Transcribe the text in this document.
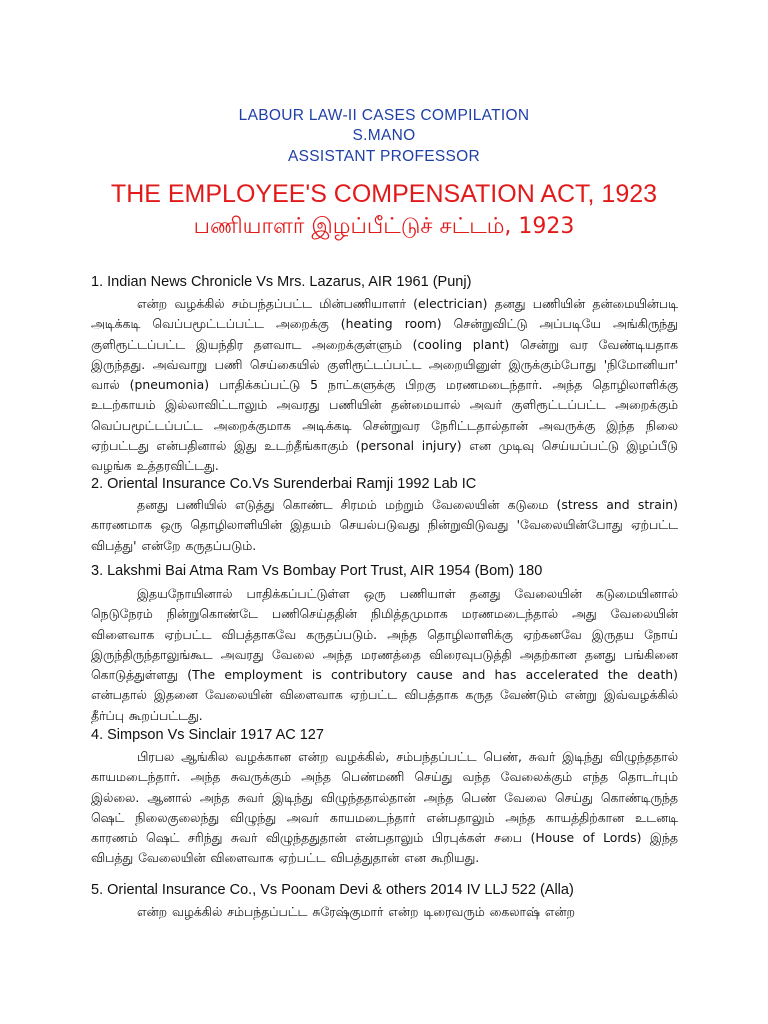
LABOUR LAW-II CASES COMPILATION
S.MANO
ASSISTANT PROFESSOR
THE EMPLOYEE'S COMPENSATION ACT, 1923
பணியாளர் இழப்பீட்டுச் சட்டம், 1923
1. Indian News Chronicle Vs Mrs. Lazarus, AIR 1961 (Punj)
என்ற வழக்கில் சம்பந்தப்பட்ட மின்பணியாளர் (electrician) தனது பணியின் தன்மையின்படி அடிக்கடி வெப்பமூட்டப்பட்ட அறைக்கு (heating room) சென்றுவிட்டு அப்படியே அங்கிருந்து குளிரூட்டப்பட்ட இயந்திர தளவாட அறைக்குள்ளும் (cooling plant) சென்று வர வேண்டியதாக இருந்தது. அவ்வாறு பணி செய்கையில் குளிரூட்டப்பட்ட அறையினுள் இருக்கும்போது 'நிமோனியா' வால் (pneumonia) பாதிக்கப்பட்டு 5 நாட்களுக்கு பிறகு மரணமடைந்தார். அந்த தொழிலாளிக்கு உடற்காயம் இல்லாவிட்டாலும் அவரது பணியின் தன்மையால் அவர் குளிரூட்டப்பட்ட அறைக்கும் வெப்பமூட்டப்பட்ட அறைக்குமாக அடிக்கடி சென்றுவர நேரிட்டதால்தான் அவருக்கு இந்த நிலை ஏற்பட்டது என்பதினால் இது உடற்தீங்காகும் (personal injury) என முடிவு செய்யப்பட்டு இழப்பீடு வழங்க உத்தரவிட்டது.
2. Oriental Insurance Co.Vs Surenderbai Ramji 1992 Lab IC
தனது பணியில் எடுத்து கொண்ட சிரமம் மற்றும் வேலையின் கடுமை (stress and strain) காரணமாக ஒரு தொழிலாளியின் இதயம் செயல்படுவது நின்றுவிடுவது 'வேலையின்போது ஏற்பட்ட விபத்து' என்றே கருதப்படும்.
3. Lakshmi Bai Atma Ram Vs Bombay Port Trust, AIR 1954 (Bom) 180
இதயநோயினால் பாதிக்கப்பட்டுள்ள ஒரு பணியாள் தனது வேலையின் கடுமையினால் நெடுநேரம் நின்றுகொண்டே பணிசெய்ததின் நிமித்தமுமாக மரணமடைந்தால் அது வேலையின் விளைவாக ஏற்பட்ட விபத்தாகவே கருதப்படும். அந்த தொழிலாளிக்கு ஏற்கனவே இருதய நோய் இருந்திருந்தாலுங்கூட அவரது வேலை அந்த மரணத்தை விரைவுபடுத்தி அதற்கான தனது பங்கினை கொடுத்துள்ளது (The employment is contributory cause and has accelerated the death) என்பதால் இதனை வேலையின் விளைவாக ஏற்பட்ட விபத்தாக கருத வேண்டும் என்று இவ்வழக்கில் தீர்ப்பு கூறப்பட்டது.
4. Simpson Vs Sinclair 1917 AC 127
பிரபல ஆங்கில வழக்கான என்ற வழக்கில், சம்பந்தப்பட்ட பெண், சுவர் இடிந்து விழுந்ததால் காயமடைந்தார். அந்த சுவருக்கும் அந்த பெண்மணி செய்து வந்த வேலைக்கும் எந்த தொடர்பும் இல்லை. ஆனால் அந்த சுவர் இடிந்து விழுந்ததால்தான் அந்த பெண் வேலை செய்து கொண்டிருந்த ஷெட் நிலைகுலைந்து விழுந்து அவர் காயமடைந்தார் என்பதாலும் அந்த காயத்திற்கான உடனடி காரணம் ஷெட் சரிந்து சுவர் விழுந்ததுதான் என்பதாலும் பிரபுக்கள் சபை (House of Lords) இந்த விபத்து வேலையின் விளைவாக ஏற்பட்ட விபத்துதான் என கூறியது.
5. Oriental Insurance Co., Vs Poonam Devi & others 2014 IV LLJ 522 (Alla)
என்ற வழக்கில் சம்பந்தப்பட்ட சுரேஷ்குமார் என்ற டிரைவரும் கைலாஷ் என்ற
